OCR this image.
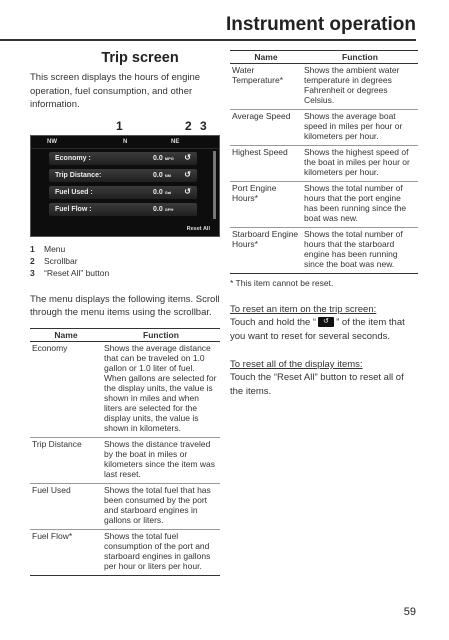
Instrument operation
Trip screen

This screen displays the hours of engine operation, fuel consumption, and other information.

1	2 3
NW	N	NE
Economy :	0.0 MPG ↺
Trip Distance:	0.0 NM ↺
Fuel Used :	0.0 Gal ↺
Fuel Flow :	0.0 GPH
Reset All
1 Menu
2 Scrollbar
3 “Reset All” button

The menu displays the following items. Scroll through the menu items using the scrollbar.

Name	Function
Economy	Shows the average distance that can be traveled on 1.0 gallon or 1.0 liter of fuel. When gallons are selected for the display units, the value is shown in miles and when liters are selected for the display units, the value is shown in kilometers.
Trip Distance	Shows the distance traveled by the boat in miles or kilometers since the item was last reset.
Fuel Used	Shows the total fuel that has been consumed by the port and starboard engines in gallons or liters.
Fuel Flow*	Shows the total fuel consumption of the port and starboard engines in gallons per hour or liters per hour.
Name	Function
Water Temperature*	Shows the ambient water temperature in degrees Fahrenheit or degrees Celsius.
Average Speed	Shows the average boat speed in miles per hour or kilometers per hour.
Highest Speed	Shows the highest speed of the boat in miles per hour or kilometers per hour.
Port Engine Hours*	Shows the total number of hours that the port engine has been running since the boat was new.
Starboard Engine Hours*	Shows the total number of hours that the starboard engine has been running since the boat was new.
* This item cannot be reset.
To reset an item on the trip screen:

Touch and hold the “ ↺ ” of the item that you want to reset for several seconds.

To reset all of the display items:

Touch the “Reset All” button to reset all of the items.

59
